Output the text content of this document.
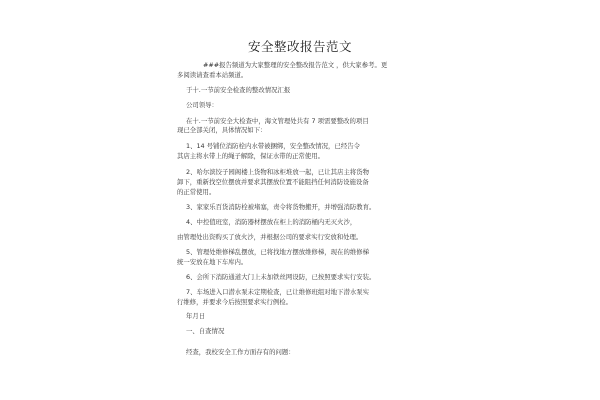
安全整改报告范文
###报告频道为大家整理的安全整改报告范文 ，供大家参考。更
多阅读请查看本站频道。
于十.一节前安全检查的整改情况汇报
公司领导：
在十.一节前安全大检查中，海文管理处共有 7 项需要整改的项目
现已全部关闭，具体情况如下：
1、14 号铺位消防栓内水带被捆绑，安全整改情况，已经告令
其店主将水带上的绳子解除，保证水带的正常使用。
2、哈尔滨饺子园阁楼上货物和冰柜堆放一起，已让其店主将货物
卸下，重新找空位摆放并要求其摆放位置不能阻挡任何消防设施设备
的正常使用。
3、家家乐百货消防栓被堵塞，责令将货物搬开，并增强消防教育。
4、中控值班室，消防器材摆放在柜上的消防桶内无灭火沙，
由管理处出资购买了放火沙，并根据公司的要求实行安放和处理。
5、管理处维修梯乱摆放，已将找地方摆放维修梯，现在的维修梯
统一安放在地下车库内。
6、会所下消防通道大门上未加铁丝网设防，已按照要求实行安装。
7、车场进入口潜水泵未定期检查，已让维修班组对地下潜水泵实
行维修，并要求今后按照要求实行例检。
年月日
一、自查情况
经查，我校安全工作方面存有的问题：
